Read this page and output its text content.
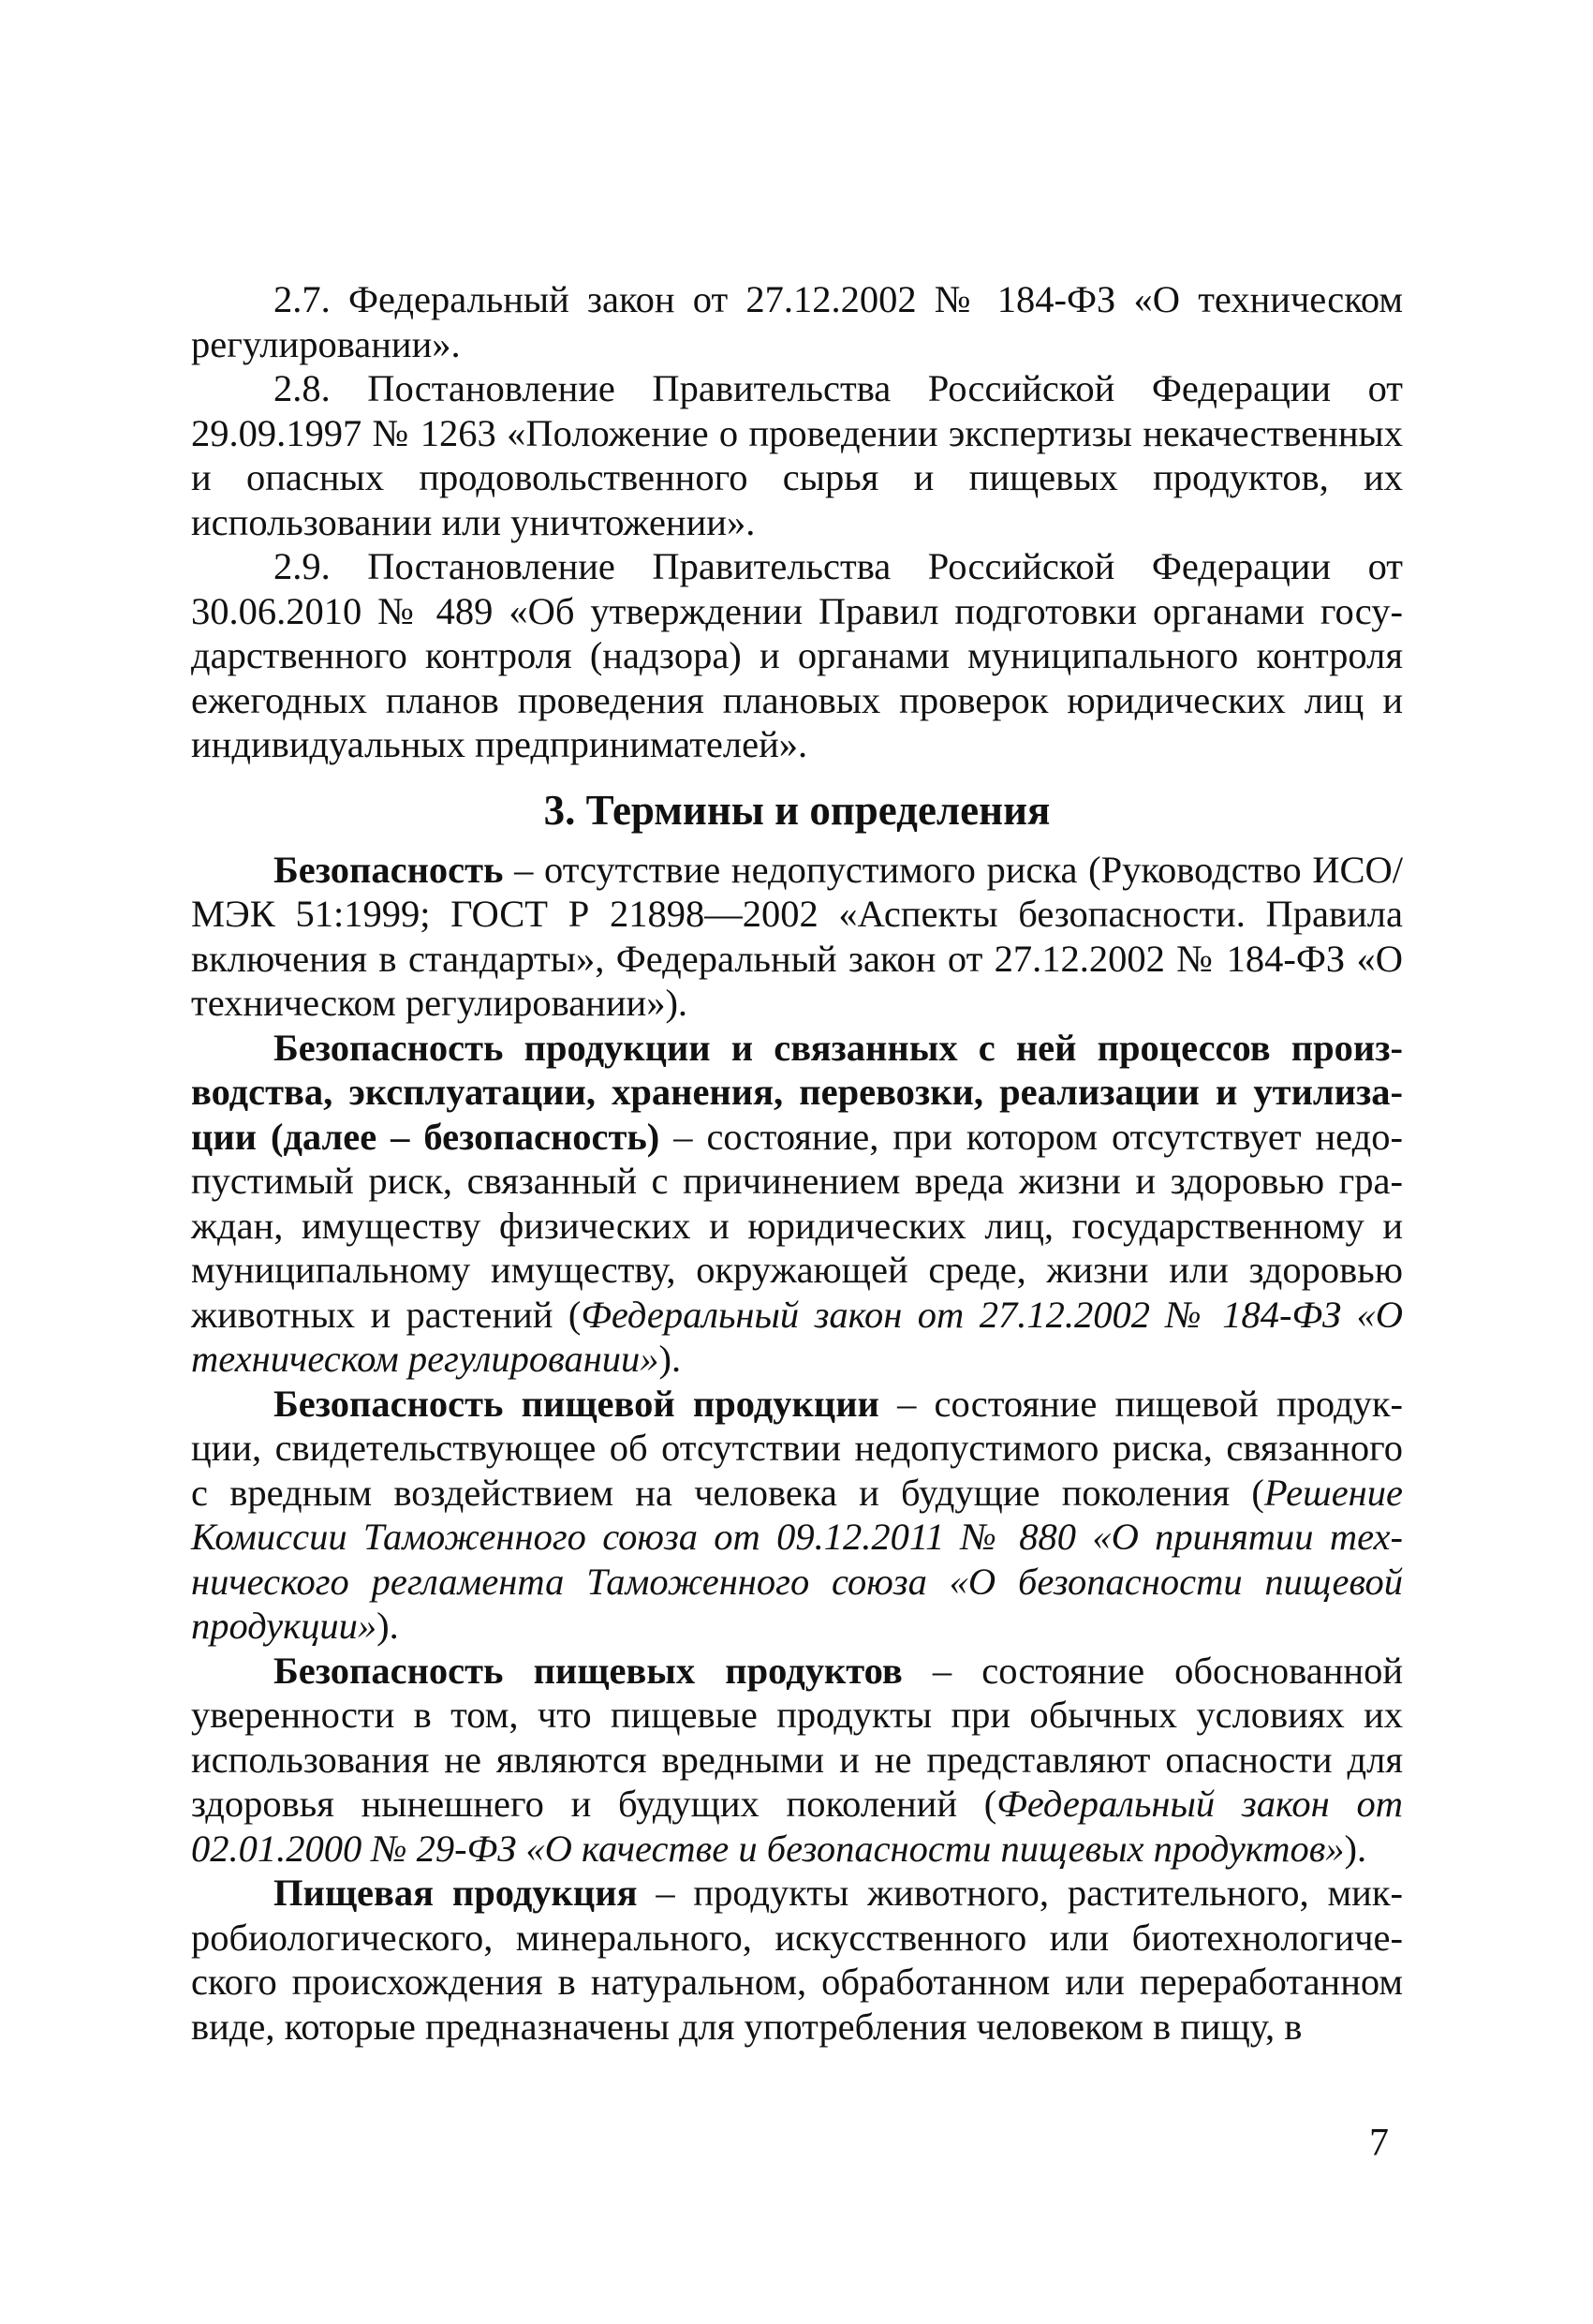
2.7. Федеральный закон от 27.12.2002 № 184-ФЗ «О техническом регулировании».

2.8. Постановление Правительства Российской Федерации от 29.09.1997 № 1263 «Положение о проведении экспертизы некачественных и опасных продовольственного сырья и пищевых продуктов, их использовании или уничтожении».

2.9. Постановление Правительства Российской Федерации от 30.06.2010 № 489 «Об утверждении Правил подготовки органами государственного контроля (надзора) и органами муниципального контроля ежегодных планов проведения плановых проверок юридических лиц и индивидуальных предпринимателей».

3. Термины и определения

Безопасность – отсутствие недопустимого риска (Руководство ИСО/МЭК 51:1999; ГОСТ Р 21898—2002 «Аспекты безопасности. Правила включения в стандарты», Федеральный закон от 27.12.2002 № 184-ФЗ «О техническом регулировании»).

Безопасность продукции и связанных с ней процессов производства, эксплуатации, хранения, перевозки, реализации и утилизации (далее – безопасность) – состояние, при котором отсутствует недопустимый риск, связанный с причинением вреда жизни и здоровью граждан, имуществу физических и юридических лиц, государственному и муниципальному имуществу, окружающей среде, жизни или здоровью животных и растений (Федеральный закон от 27.12.2002 № 184-ФЗ «О техническом регулировании»).

Безопасность пищевой продукции – состояние пищевой продукции, свидетельствующее об отсутствии недопустимого риска, связанного с вредным воздействием на человека и будущие поколения (Решение Комиссии Таможенного союза от 09.12.2011 № 880 «О принятии технического регламента Таможенного союза «О безопасности пищевой продукции»).

Безопасность пищевых продуктов – состояние обоснованной уверенности в том, что пищевые продукты при обычных условиях их использования не являются вредными и не представляют опасности для здоровья нынешнего и будущих поколений (Федеральный закон от 02.01.2000 № 29-ФЗ «О качестве и безопасности пищевых продуктов»).

Пищевая продукция – продукты животного, растительного, микробиологического, минерального, искусственного или биотехнологического происхождения в натуральном, обработанном или переработанном виде, которые предназначены для употребления человеком в пищу, в

7
